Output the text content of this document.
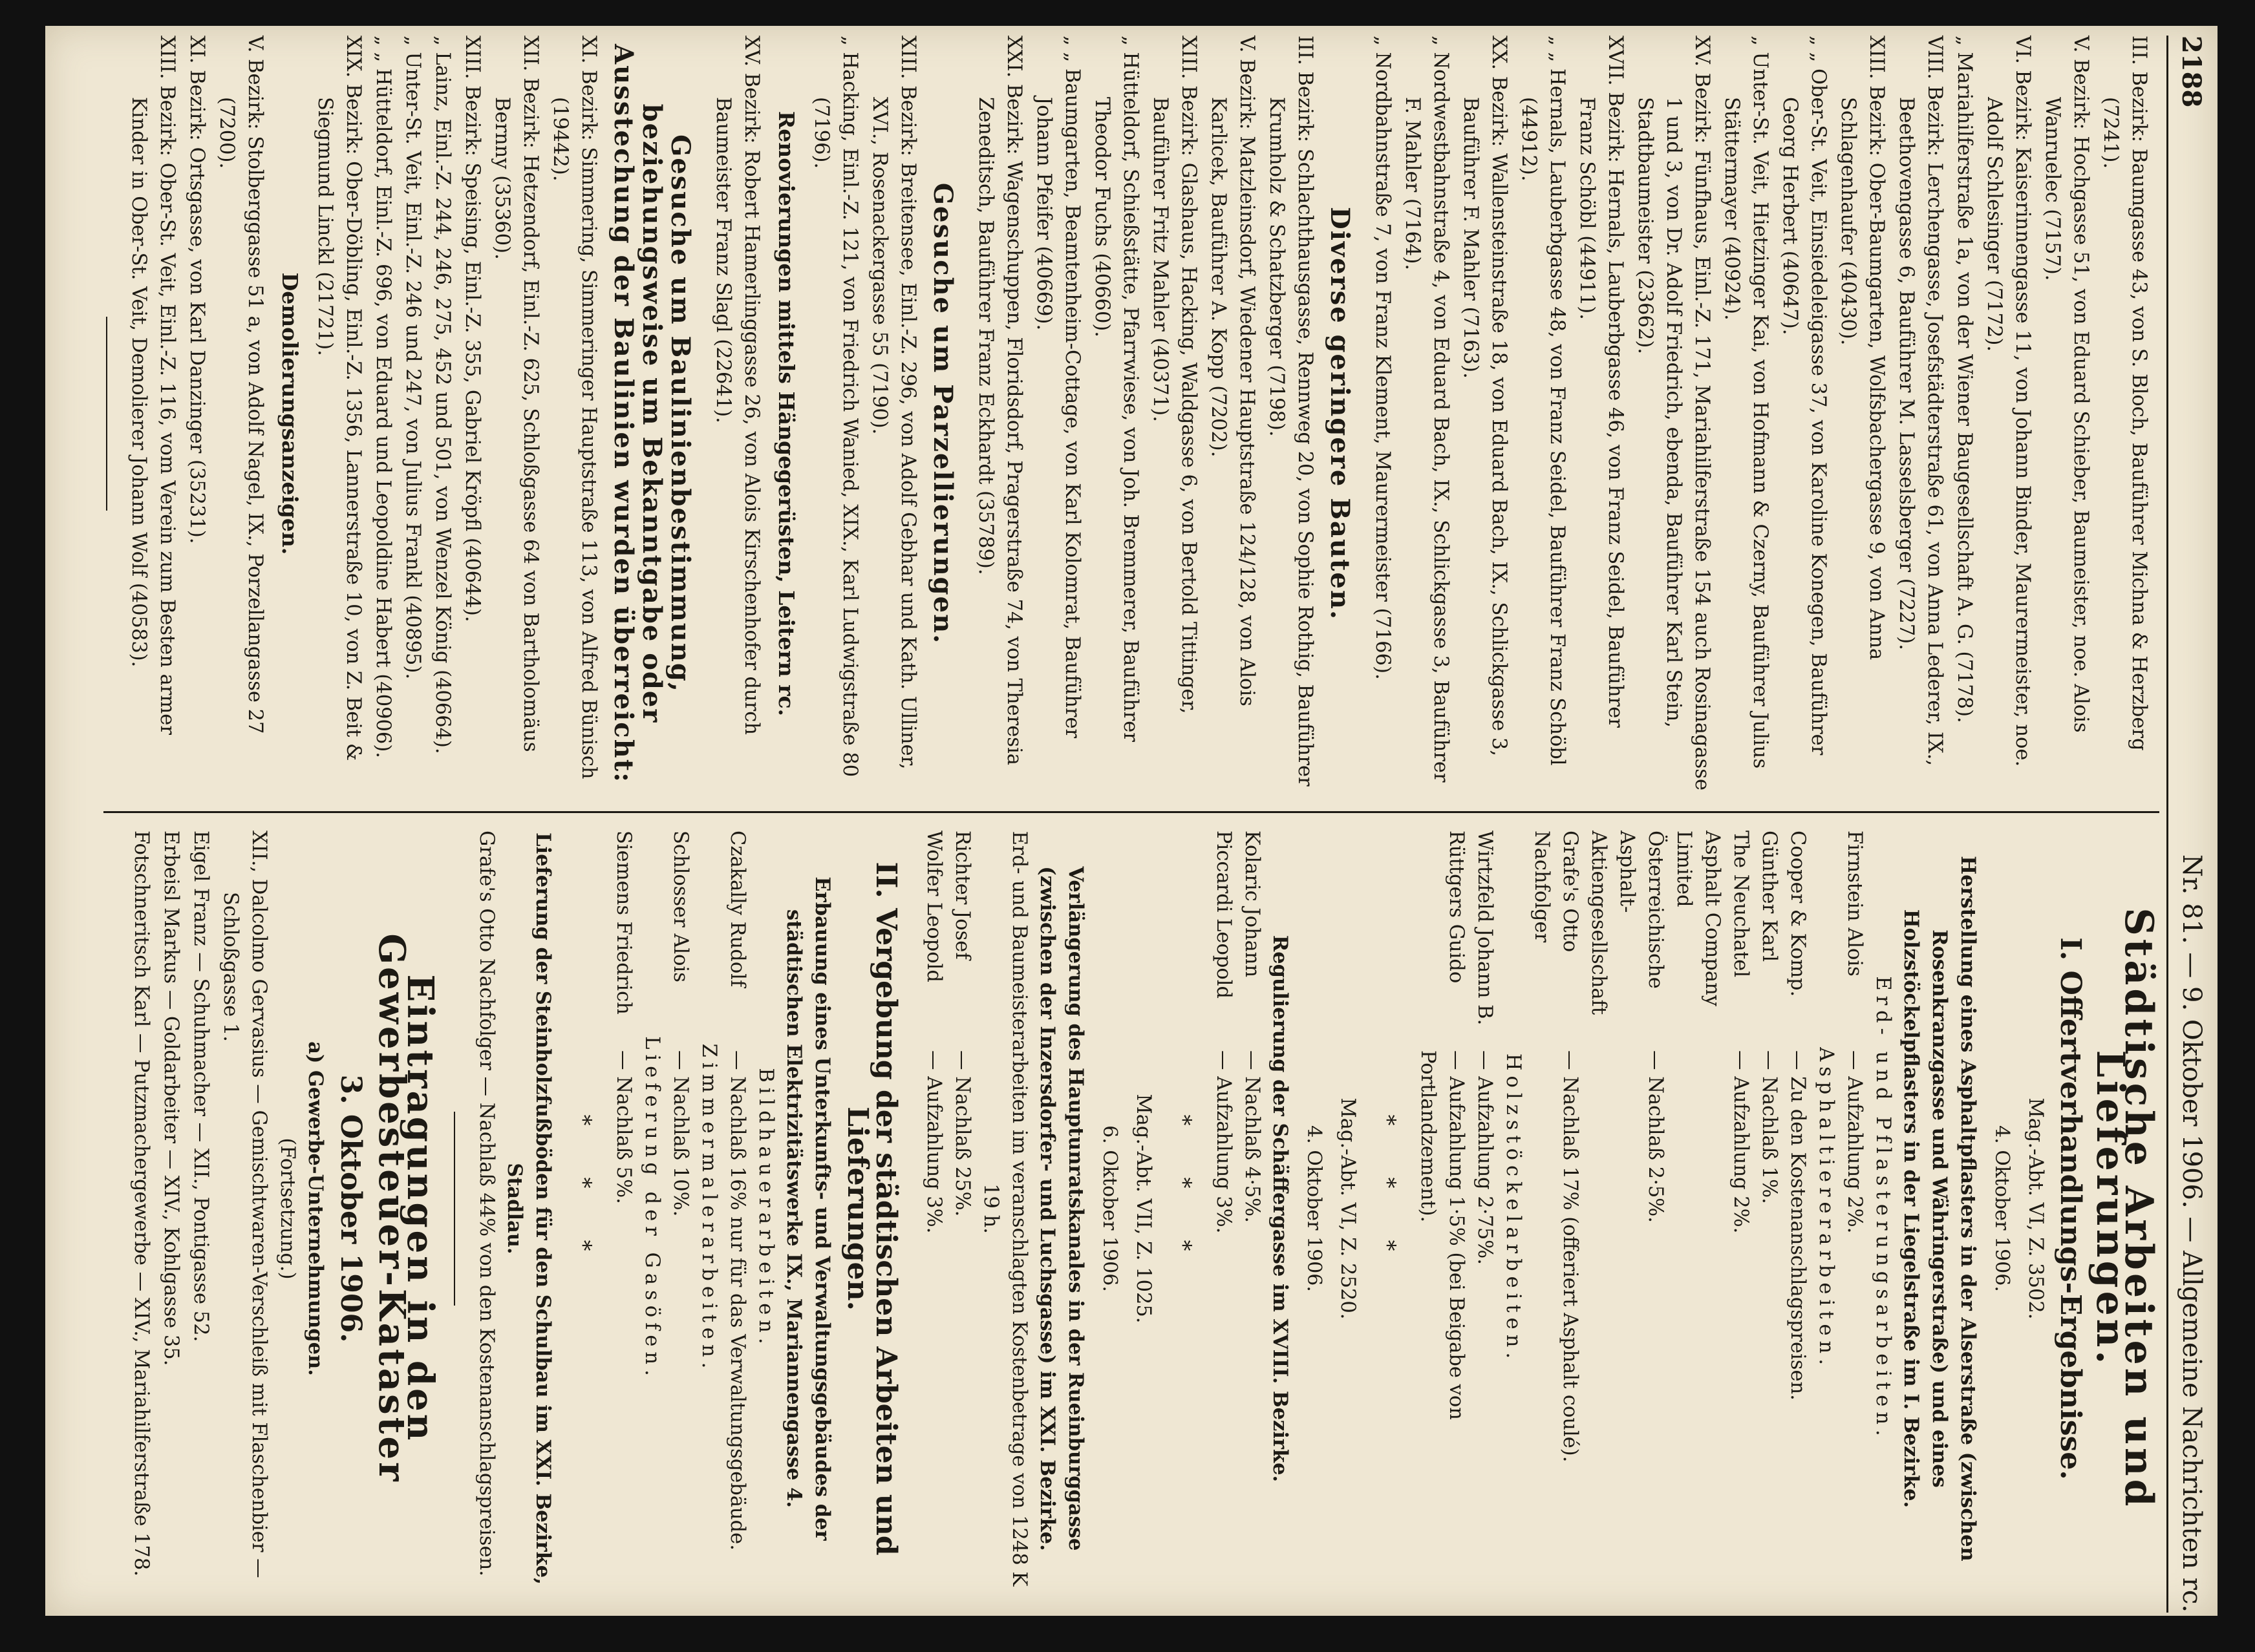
2188
Nr. 81. — 9. Oktober 1906. — Allgemeine Nachrichten rc.
III. Bezirk: Baumgasse 43, von S. Bloch, Bauführer Michna & Herzberg (7241).
V. Bezirk: Hochgasse 51, von Eduard Schieber, Baumeister, noe. Alois Wanruelec (7157).
VI. Bezirk: Kaiserinnengasse 11, von Johann Binder, Maurermeister, noe. Adolf Schlesinger (7172).
„ Mariahilferstraße 1a, von der Wiener Baugesellschaft A. G. (7178).
VIII. Bezirk: Lerchengasse, Josefstädterstraße 61, von Anna Lederer, IX., Beethovengasse 6, Bauführer M. Lasselsberger (7227).
XIII. Bezirk: Ober-Baumgarten, Wolfsbachergasse 9, von Anna Schlagenhaufer (40430).
„ „ Ober-St. Veit, Einsiedeleigasse 37, von Karoline Konegen, Bauführer Georg Herbert (40647).
„ Unter-St. Veit, Hietzinger Kai, von Hofmann & Czerny, Bauführer Julius Stättermayer (40924).
XV. Bezirk: Fünfhaus, Einl.-Z. 171, Mariahilferstraße 154 auch Rosinagasse 1 und 3, von Dr. Adolf Friedrich, ebenda, Bauführer Karl Stein, Stadtbaumeister (23662).
XVII. Bezirk: Hernals, Lauberbgasse 46, von Franz Seidel, Bauführer Franz Schöbl (44911).
„ „ Hernals, Lauberbgasse 48, von Franz Seidel, Bauführer Franz Schöbl (44912).
XX. Bezirk: Wallensteinstraße 18, von Eduard Bach, IX., Schlickgasse 3, Bauführer F. Mahler (7163).
„ Nordwestbahnstraße 4, von Eduard Bach, IX., Schlickgasse 3, Bauführer F. Mahler (7164).
„ Nordbahnstraße 7, von Franz Klement, Maurermeister (7166).
Diverse geringere Bauten.
III. Bezirk: Schlachthausgasse, Rennweg 20, von Sophie Rothig, Bauführer Krumholz & Schatzberger (7198).
V. Bezirk: Matzleinsdorf, Wiedener Hauptstraße 124/128, von Alois Karlicek, Bauführer A. Kopp (7202).
XIII. Bezirk: Glashaus, Hacking, Waldgasse 6, von Bertold Tittinger, Bauführer Fritz Mahler (40371).
„ Hütteldorf, Schießstätte, Pfarrwiese, von Joh. Bremmerer, Bauführer Theodor Fuchs (40660).
„ „ Baumgarten, Beamtenheim-Cottage, von Karl Kolomrat, Bauführer Johann Pfeifer (40669).
XXI. Bezirk: Wagenschuppen, Floridsdorf, Pragerstraße 74, von Theresia Zeneditsch, Bauführer Franz Eckhardt (35789).
Gesuche um Parzellierungen.
XIII. Bezirk: Breitensee, Einl.-Z. 296, von Adolf Gebhar und Kath. Ulliner, XVI., Rosenackergasse 55 (7190).
„ Hacking, Einl.-Z. 121, von Friedrich Wanied, XIX., Karl Ludwigstraße 80 (7196).
Renovierungen mittels Hängegerüsten, Leitern rc.
XV. Bezirk: Robert Hamerlinggasse 26, von Alois Kirschenhofer durch Baumeister Franz Slagl (22641).
Gesuche um Baulinienbestimmung, beziehungsweise um Bekanntgabe oder Ausstechung der Baulinien wurden überreicht:
XI. Bezirk: Simmering, Simmeringer Hauptstraße 113, von Alfred Bünisch (19442).
XII. Bezirk: Hetzendorf, Einl.-Z. 625, Schloßgasse 64 von Bartholomäus Bernny (35360).
XIII. Bezirk: Speising, Einl.-Z. 355, Gabriel Kröpfl (40644).
„ Lainz, Einl.-Z. 244, 246, 275, 452 und 501, von Wenzel König (40664).
„ Unter-St. Veit, Einl.-Z. 246 und 247, von Julius Frankl (40895).
„ „ Hütteldorf, Einl.-Z. 696, von Eduard und Leopoldine Habert (40906).
XIX. Bezirk: Ober-Döbling, Einl.-Z. 1356, Lannerstraße 10, von Z. Beit & Siegmund Linckl (21721).
Demolierungsanzeigen.
V. Bezirk: Stolberggasse 51 a, von Adolf Nagel, IX., Porzellangasse 27 (7200).
XI. Bezirk: Ortsgasse, von Karl Danzinger (35231).
XIII. Bezirk: Ober-St. Veit, Einl.-Z. 116, vom Verein zum Besten armer Kinder in Ober-St. Veit, Demolierer Johann Wolf (40583).
Städtische Arbeiten und Lieferungen.
I. Offertverhandlungs-Ergebnisse.
Mag.-Abt. VI, Z. 3502.
4. Oktober 1906.
Herstellung eines Asphaltpflasters in der Alserstraße (zwischen Rosenkranzgasse und Währingerstraße) und eines Holzstöckelpflasters in der Liegelstraße im I. Bezirke.
Erd- und Pflasterungsarbeiten.
Firnstein Alois
— Aufzahlung 2%.
Asphaltiererarbeiten.
Cooper & Komp.
— Zu den Kostenanschlagspreisen.
Günther Karl
— Nachlaß 1%.
The Neuchatel Asphalt Company Limited
— Aufzahlung 2%.
Österreichische Asphalt-Aktiengesellschaft
— Nachlaß 2·5%.
Grafe's Otto Nachfolger
— Nachlaß 17% (offeriert Asphalt coulé).
Holzstöckelarbeiten.
Wirtzfeld Johann B.
— Aufzahlung 2·75%.
Rüttgers Guido
— Aufzahlung 1·5% (bei Beigabe von Portlandzement).
***
Mag.-Abt. VI, Z. 2520.
4. Oktober 1906.
Regulierung der Schäffergasse im XVIII. Bezirke.
Kolaric Johann
— Nachlaß 4·5%.
Piccardi Leopold
— Aufzahlung 3%.
***
Mag.-Abt. VII, Z. 1025.
6. Oktober 1906.
Verlängerung des Hauptunratskanales in der Rueinburggasse (zwischen der Inzersdorfer- und Luchsgasse) im XXI. Bezirke.
Erd- und Baumeisterarbeiten im veranschlagten Kostenbetrage von 1248 K 19 h.
Richter Josef
— Nachlaß 25%.
Wolfer Leopold
— Aufzahlung 3%.
II. Vergebung der städtischen Arbeiten und Lieferungen.
Erbauung eines Unterkunfts- und Verwaltungsgebäudes der städtischen Elektrizitätswerke IX., Mariannengasse 4.
Bildhauerarbeiten.
Czakally Rudolf
— Nachlaß 16% nur für das Verwaltungsgebäude.
Zimmermalerarbeiten.
Schlosser Alois
— Nachlaß 10%.
Lieferung der Gasöfen.
Siemens Friedrich
— Nachlaß 5%.
***
Lieferung der Steinholzfußböden für den Schulbau im XXI. Bezirke, Stadlau.
Grafe's Otto Nachfolger — Nachlaß 44% von den Kostenanschlagspreisen.
Eintragungen in den Gewerbesteuer-Kataster
3. Oktober 1906.
a) Gewerbe-Unternehmungen.
(Fortsetzung.)
XII., Dalcolmo Gervasius — Gemischtwaren-Verschleiß mit Flaschenbier — Schloßgasse 1.
Eigel Franz — Schuhmacher — XII., Pontigasse 52.
Erbeisl Markus — Goldarbeiter — XIV., Kohlgasse 35.
Fotschneritsch Karl — Putzmachergewerbe — XIV., Mariahilferstraße 178.
